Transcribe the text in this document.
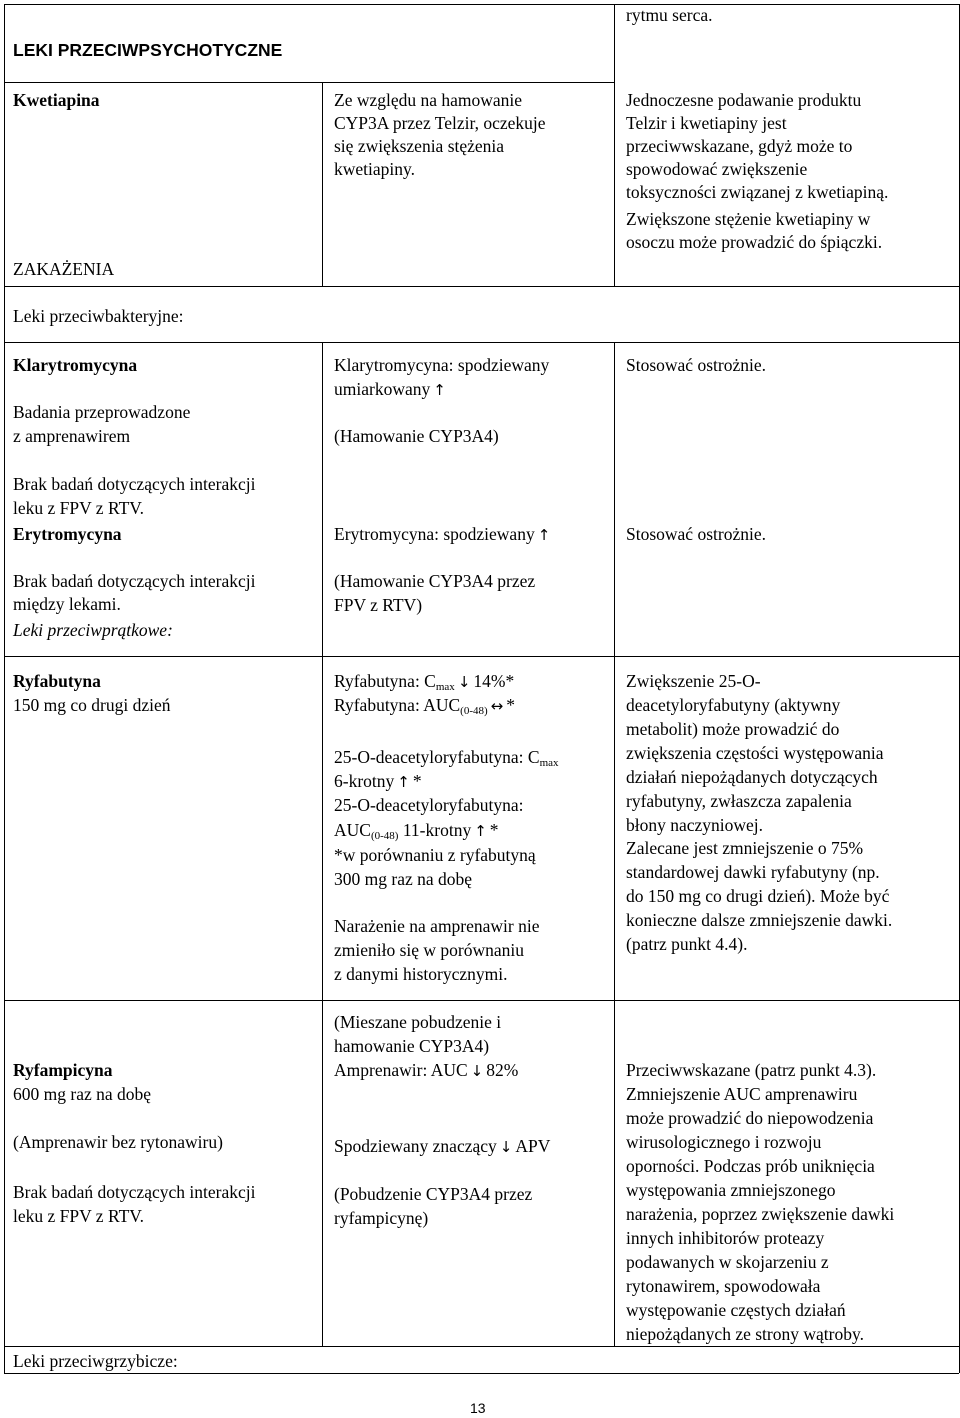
LEKI PRZECIWPSYCHOTYCZNE
rytmu serca.
Kwetiapina	Ze względu na hamowanie
CYP3A przez Telzir, oczekuje
się zwiększenia stężenia
kwetiapiny.
Jednoczesne podawanie produktu
Telzir i kwetiapiny jest
przeciwwskazane, gdyż może to
spowodować zwiększenie
toksyczności związanej z kwetiapiną.
Zwiększone stężenie kwetiapiny w
osoczu może prowadzić do śpiączki.
ZAKAŻENIA
Leki przeciwbakteryjne:
Klarytromycyna
Badania przeprowadzone
z amprenawirem
Brak badań dotyczących interakcji
leku z FPV z RTV.
Klarytromycyna: spodziewany
umiarkowany ↑
(Hamowanie CYP3A4)
Stosować ostrożnie.
Erytromycyna
Brak badań dotyczących interakcji
między lekami.
Erytromycyna: spodziewany ↑
(Hamowanie CYP3A4 przez
FPV z RTV)
Stosować ostrożnie.
Leki przeciwprątkowe:
Ryfabutyna
150 mg co drugi dzień
Ryfabutyna: $C_{max}$ ↓ 14%*
Ryfabutyna: $AUC_{(0-48)}$ ↔ *
25-O-deacetyloryfabutyna: $C_{max}$
6-krotny ↑ *
25-O-deacetyloryfabutyna:
$AUC_{(0-48)}$ 11-krotny ↑ *
*w porównaniu z ryfabutyną
300 mg raz na dobę
Narażenie na amprenawir nie
zmieniło się w porównaniu
z danymi historycznymi.
Zwiększenie 25-O-
deacetyloryfabutyny (aktywny
metabolit) może prowadzić do
zwiększenia częstości występowania
działań niepożądanych dotyczących
ryfabutyny, zwłaszcza zapalenia
błony naczyniowej.
Zalecane jest zmniejszenie o 75%
standardowej dawki ryfabutyny (np.
do 150 mg co drugi dzień). Może być
konieczne dalsze zmniejszenie dawki.
(patrz punkt 4.4).
(Mieszane pobudzenie i
hamowanie CYP3A4)
Ryfampicyna
600 mg raz na dobę
(Amprenawir bez rytonawiru)
Brak badań dotyczących interakcji
leku z FPV z RTV.
Amprenawir: AUC ↓ 82%
Spodziewany znaczący ↓ APV
(Pobudzenie CYP3A4 przez
ryfampicynę)
Przeciwwskazane (patrz punkt 4.3).
Zmniejszenie AUC amprenawiru
może prowadzić do niepowodzenia
wirusologicznego i rozwoju
oporności. Podczas prób uniknięcia
występowania zmniejszonego
narażenia, poprzez zwiększenie dawki
innych inhibitorów proteazy
podawanych w skojarzeniu z
rytonawirem, spowodowała
występowanie częstych działań
niepożądanych ze strony wątroby.
Leki przeciwgrzybicze:
13
